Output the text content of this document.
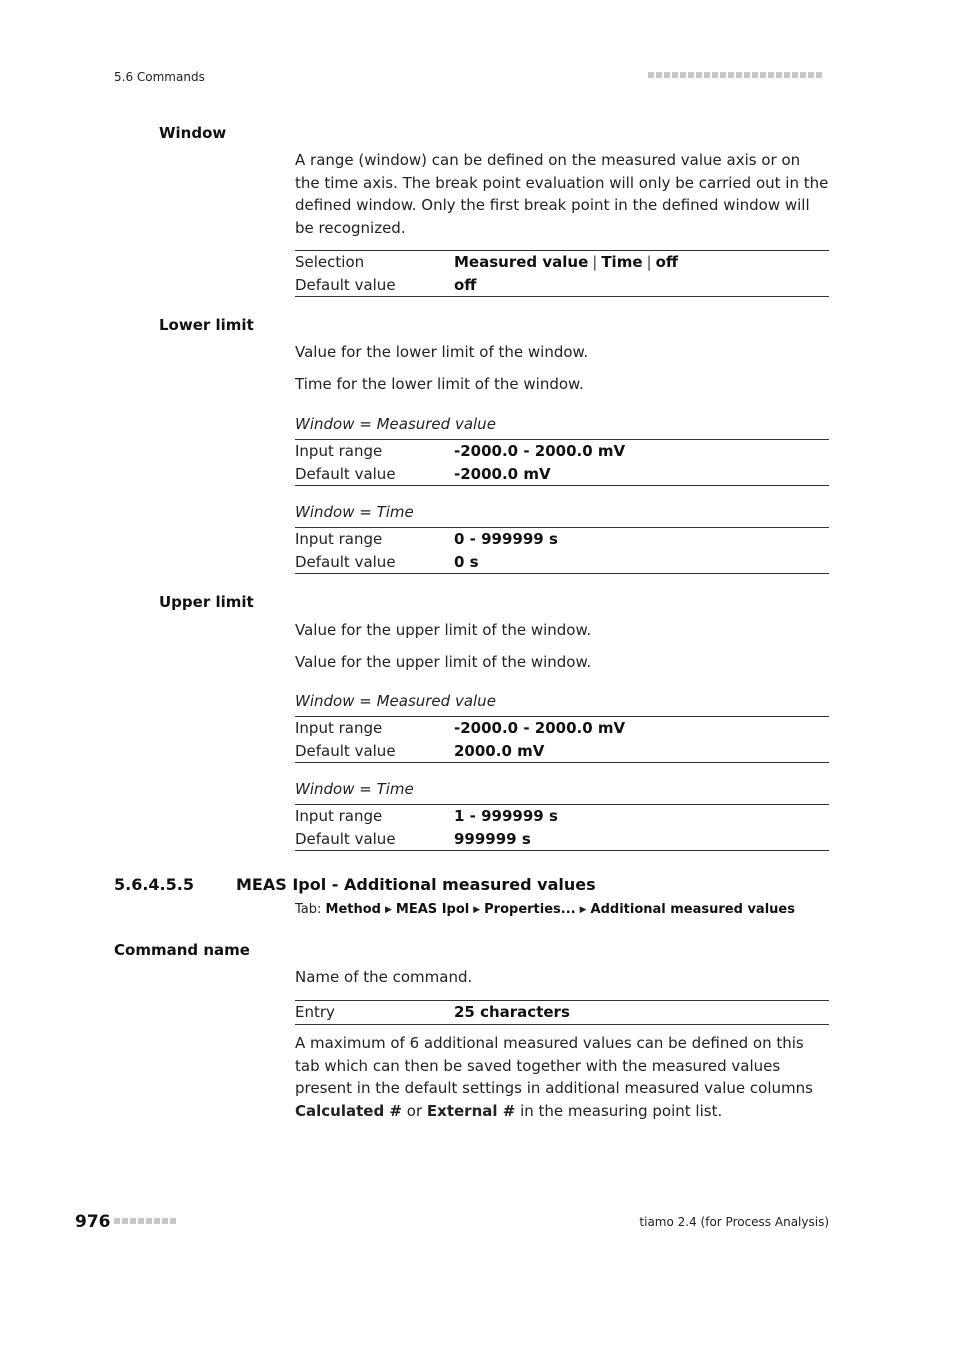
5.6 Commands
Window
A range (window) can be defined on the measured value axis or on the time axis. The break point evaluation will only be carried out in the defined window. Only the first break point in the defined window will be recognized.
Selection	Measured value | Time | off
Default value	off
Lower limit
Value for the lower limit of the window.
Time for the lower limit of the window.
Window = Measured value
Input range	-2000.0 - 2000.0 mV
Default value	-2000.0 mV
Window = Time
Input range	0 - 999999 s
Default value	0 s
Upper limit
Value for the upper limit of the window.
Value for the upper limit of the window.
Window = Measured value
Input range	-2000.0 - 2000.0 mV
Default value	2000.0 mV
Window = Time
Input range	1 - 999999 s
Default value	999999 s
5.6.4.5.5	MEAS Ipol - Additional measured values
Tab: Method ▶ MEAS Ipol ▶ Properties... ▶ Additional measured values
Command name
Name of the command.
Entry	25 characters
A maximum of 6 additional measured values can be defined on this tab which can then be saved together with the measured values present in the default settings in additional measured value columns Calculated # or External # in the measuring point list.
976	tiamo 2.4 (for Process Analysis)
